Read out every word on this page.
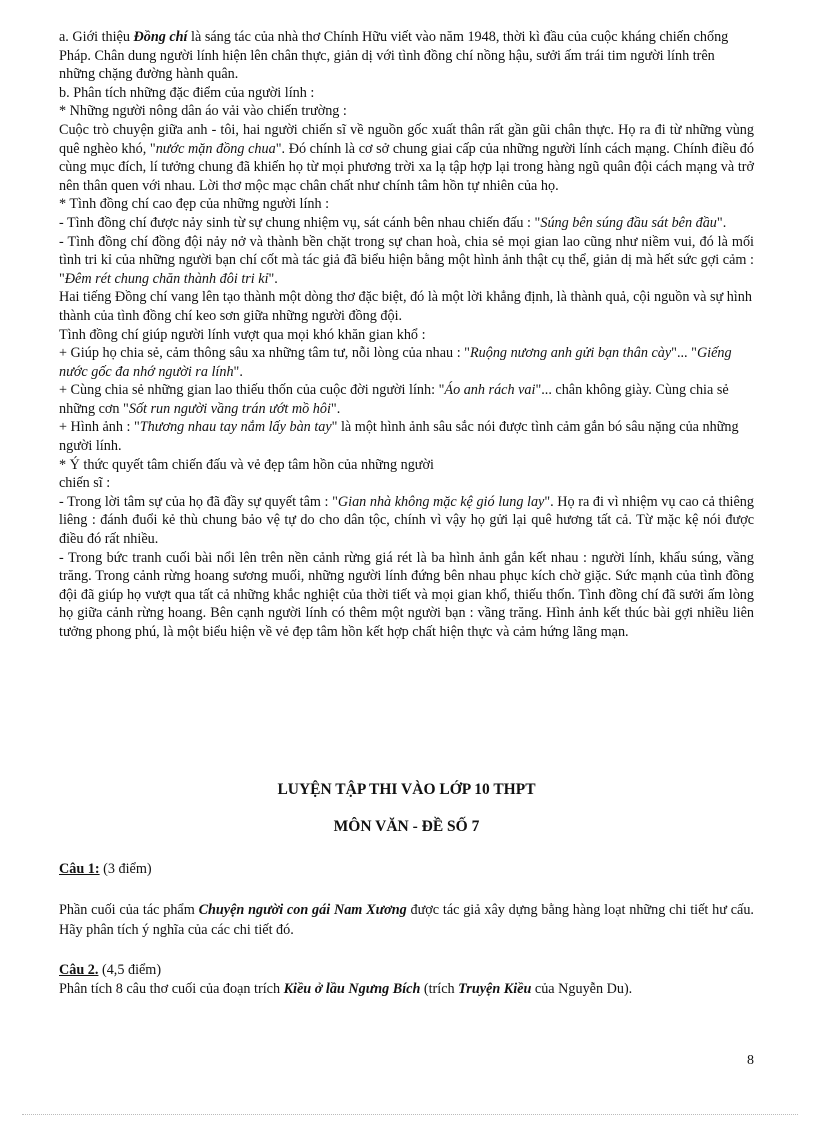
a. Giới thiệu Đồng chí là sáng tác của nhà thơ Chính Hữu viết vào năm 1948, thời kì đầu của cuộc kháng chiến chống Pháp. Chân dung người lính hiện lên chân thực, giản dị với tình đồng chí nồng hậu, sưởi ấm trái tim người lính trên những chặng đường hành quân.

b. Phân tích những đặc điểm của người lính :

* Những người nông dân áo vải vào chiến trường :

Cuộc trò chuyện giữa anh - tôi, hai người chiến sĩ về nguồn gốc xuất thân rất gần gũi chân thực. Họ ra đi từ những vùng quê nghèo khó, "nước mặn đồng chua". Đó chính là cơ sở chung giai cấp của những người lính cách mạng. Chính điều đó cùng mục đích, lí tưởng chung đã khiến họ từ mọi phương trời xa lạ tập hợp lại trong hàng ngũ quân đội cách mạng và trở nên thân quen với nhau. Lời thơ mộc mạc chân chất như chính tâm hồn tự nhiên của họ.

* Tình đồng chí cao đẹp của những người lính :

- Tình đồng chí được nảy sinh từ sự chung nhiệm vụ, sát cánh bên nhau chiến đấu : "Súng bên súng đầu sát bên đầu".

- Tình đồng chí đồng đội nảy nở và thành bền chặt trong sự chan hoà, chia sẻ mọi gian lao cũng như niềm vui, đó là mối tình tri kỉ của những người bạn chí cốt mà tác giả đã biểu hiện bằng một hình ảnh thật cụ thể, giản dị mà hết sức gợi cảm : "Đêm rét chung chăn thành đôi tri kỉ".

Hai tiếng Đồng chí vang lên tạo thành một dòng thơ đặc biệt, đó là một lời khẳng định, là thành quả, cội nguồn và sự hình thành của tình đồng chí keo sơn giữa những người đồng đội.

Tình đồng chí giúp người lính vượt qua mọi khó khăn gian khổ :

+ Giúp họ chia sẻ, cảm thông sâu xa những tâm tư, nỗi lòng của nhau : "Ruộng nương anh gửi bạn thân cày"... "Giếng nước gốc đa nhớ người ra lính".

+ Cùng chia sẻ những gian lao thiếu thốn của cuộc đời người lính: "Áo anh rách vai"... chân không giày. Cùng chia sẻ những cơn "Sốt run người vầng trán ướt mồ hôi".

+ Hình ảnh : "Thương nhau tay nắm lấy bàn tay" là một hình ảnh sâu sắc nói được tình cảm gắn bó sâu nặng của những người lính.

* Ý thức quyết tâm chiến đấu và vẻ đẹp tâm hồn của những người

chiến sĩ :

- Trong lời tâm sự của họ đã đầy sự quyết tâm : "Gian nhà không mặc kệ gió lung lay". Họ ra đi vì nhiệm vụ cao cả thiêng liêng : đánh đuổi kẻ thù chung bảo vệ tự do cho dân tộc, chính vì vậy họ gửi lại quê hương tất cả. Từ mặc kệ nói được điều đó rất nhiều.

- Trong bức tranh cuối bài nổi lên trên nền cảnh rừng giá rét là ba hình ảnh gắn kết nhau : người lính, khẩu súng, vầng trăng. Trong cảnh rừng hoang sương muối, những người lính đứng bên nhau phục kích chờ giặc. Sức mạnh của tình đồng đội đã giúp họ vượt qua tất cả những khắc nghiệt của thời tiết và mọi gian khổ, thiếu thốn. Tình đồng chí đã sưởi ấm lòng họ giữa cảnh rừng hoang. Bên cạnh người lính có thêm một người bạn : vầng trăng. Hình ảnh kết thúc bài gợi nhiều liên tưởng phong phú, là một biểu hiện về vẻ đẹp tâm hồn kết hợp chất hiện thực và cảm hứng lãng mạn.

LUYỆN TẬP THI VÀO LỚP 10 THPT

MÔN VĂN - ĐỀ SỐ 7

Câu 1: (3 điểm)

Phần cuối của tác phẩm Chuyện người con gái Nam Xương được tác giả xây dựng bằng hàng loạt những chi tiết hư cấu. Hãy phân tích ý nghĩa của các chi tiết đó.

Câu 2. (4,5 điểm)

Phân tích 8 câu thơ cuối của đoạn trích Kiều ở lầu Ngưng Bích (trích Truyện Kiều của Nguyễn Du).

8
